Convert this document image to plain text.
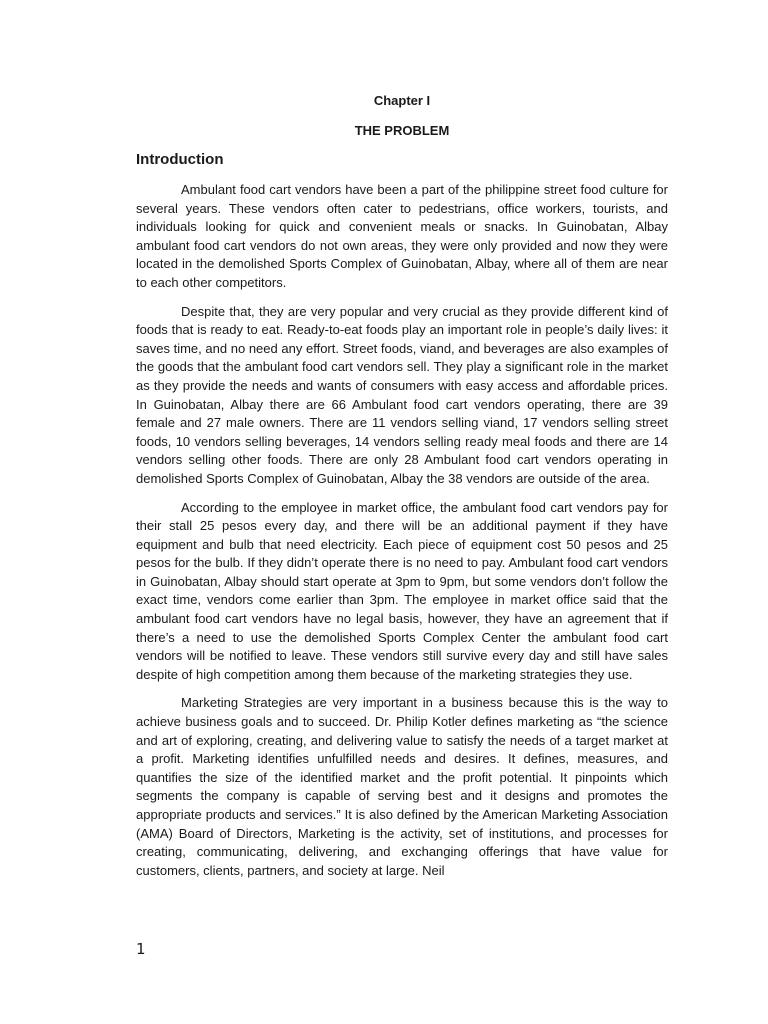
Chapter I
THE PROBLEM
Introduction

Ambulant food cart vendors have been a part of the philippine street food culture for several years. These vendors often cater to pedestrians, office workers, tourists, and individuals looking for quick and convenient meals or snacks. In Guinobatan, Albay ambulant food cart vendors do not own areas, they were only provided and now they were located in the demolished Sports Complex of Guinobatan, Albay, where all of them are near to each other competitors.

Despite that, they are very popular and very crucial as they provide different kind of foods that is ready to eat. Ready-to-eat foods play an important role in people’s daily lives: it saves time, and no need any effort. Street foods, viand, and beverages are also examples of the goods that the ambulant food cart vendors sell. They play a significant role in the market as they provide the needs and wants of consumers with easy access and affordable prices. In Guinobatan, Albay there are 66 Ambulant food cart vendors operating, there are 39 female and 27 male owners. There are 11 vendors selling viand, 17 vendors selling street foods, 10 vendors selling beverages, 14 vendors selling ready meal foods and there are 14 vendors selling other foods. There are only 28 Ambulant food cart vendors operating in demolished Sports Complex of Guinobatan, Albay the 38 vendors are outside of the area.

According to the employee in market office, the ambulant food cart vendors pay for their stall 25 pesos every day, and there will be an additional payment if they have equipment and bulb that need electricity. Each piece of equipment cost 50 pesos and 25 pesos for the bulb. If they didn’t operate there is no need to pay. Ambulant food cart vendors in Guinobatan, Albay should start operate at 3pm to 9pm, but some vendors don’t follow the exact time, vendors come earlier than 3pm. The employee in market office said that the ambulant food cart vendors have no legal basis, however, they have an agreement that if there’s a need to use the demolished Sports Complex Center the ambulant food cart vendors will be notified to leave. These vendors still survive every day and still have sales despite of high competition among them because of the marketing strategies they use.

Marketing Strategies are very important in a business because this is the way to achieve business goals and to succeed. Dr. Philip Kotler defines marketing as “the science and art of exploring, creating, and delivering value to satisfy the needs of a target market at a profit. Marketing identifies unfulfilled needs and desires. It defines, measures, and quantifies the size of the identified market and the profit potential. It pinpoints which segments the company is capable of serving best and it designs and promotes the appropriate products and services.” It is also defined by the American Marketing Association (AMA) Board of Directors, Marketing is the activity, set of institutions, and processes for creating, communicating, delivering, and exchanging offerings that have value for customers, clients, partners, and society at large. Neil

1
